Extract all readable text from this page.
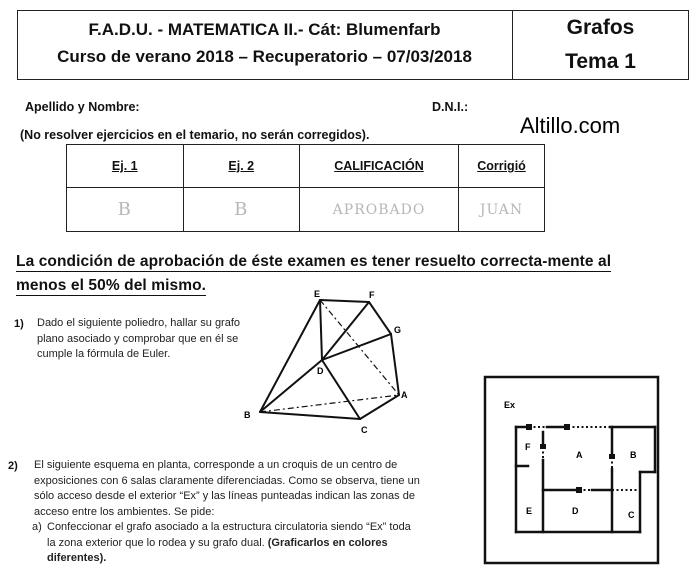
F.A.D.U. - MATEMATICA II.- Cát: Blumenfarb
Curso de verano 2018 – Recuperatorio – 07/03/2018
Grafos
Tema 1
Apellido y Nombre:	D.N.I.:
Altillo.com
(No resolver ejercicios en el temario, no serán corregidos).
Ej. 1	Ej. 2	CALIFICACIÓN	Corrigió
B	B	APROBADO	JUAN
La condición de aprobación de éste examen es tener resuelto correcta-mente al
menos el 50% del mismo.
1) Dado el siguiente poliedro, hallar su grafo
plano asociado y comprobar que en él se
cumple la fórmula de Euler.
E	F
G
D
A
B
C
2) El siguiente esquema en planta, corresponde a un croquis de un centro de
exposiciones con 6 salas claramente diferenciadas. Como se observa, tiene un
sólo acceso desde el exterior “Ex” y las líneas punteadas indican las zonas de
acceso entre los ambientes. Se pide:
a) Confeccionar el grafo asociado a la estructura circulatoria siendo “Ex” toda
la zona exterior que lo rodea y su grafo dual. (Graficarlos en colores
diferentes).
Ex
F
A	B
E	D	C
